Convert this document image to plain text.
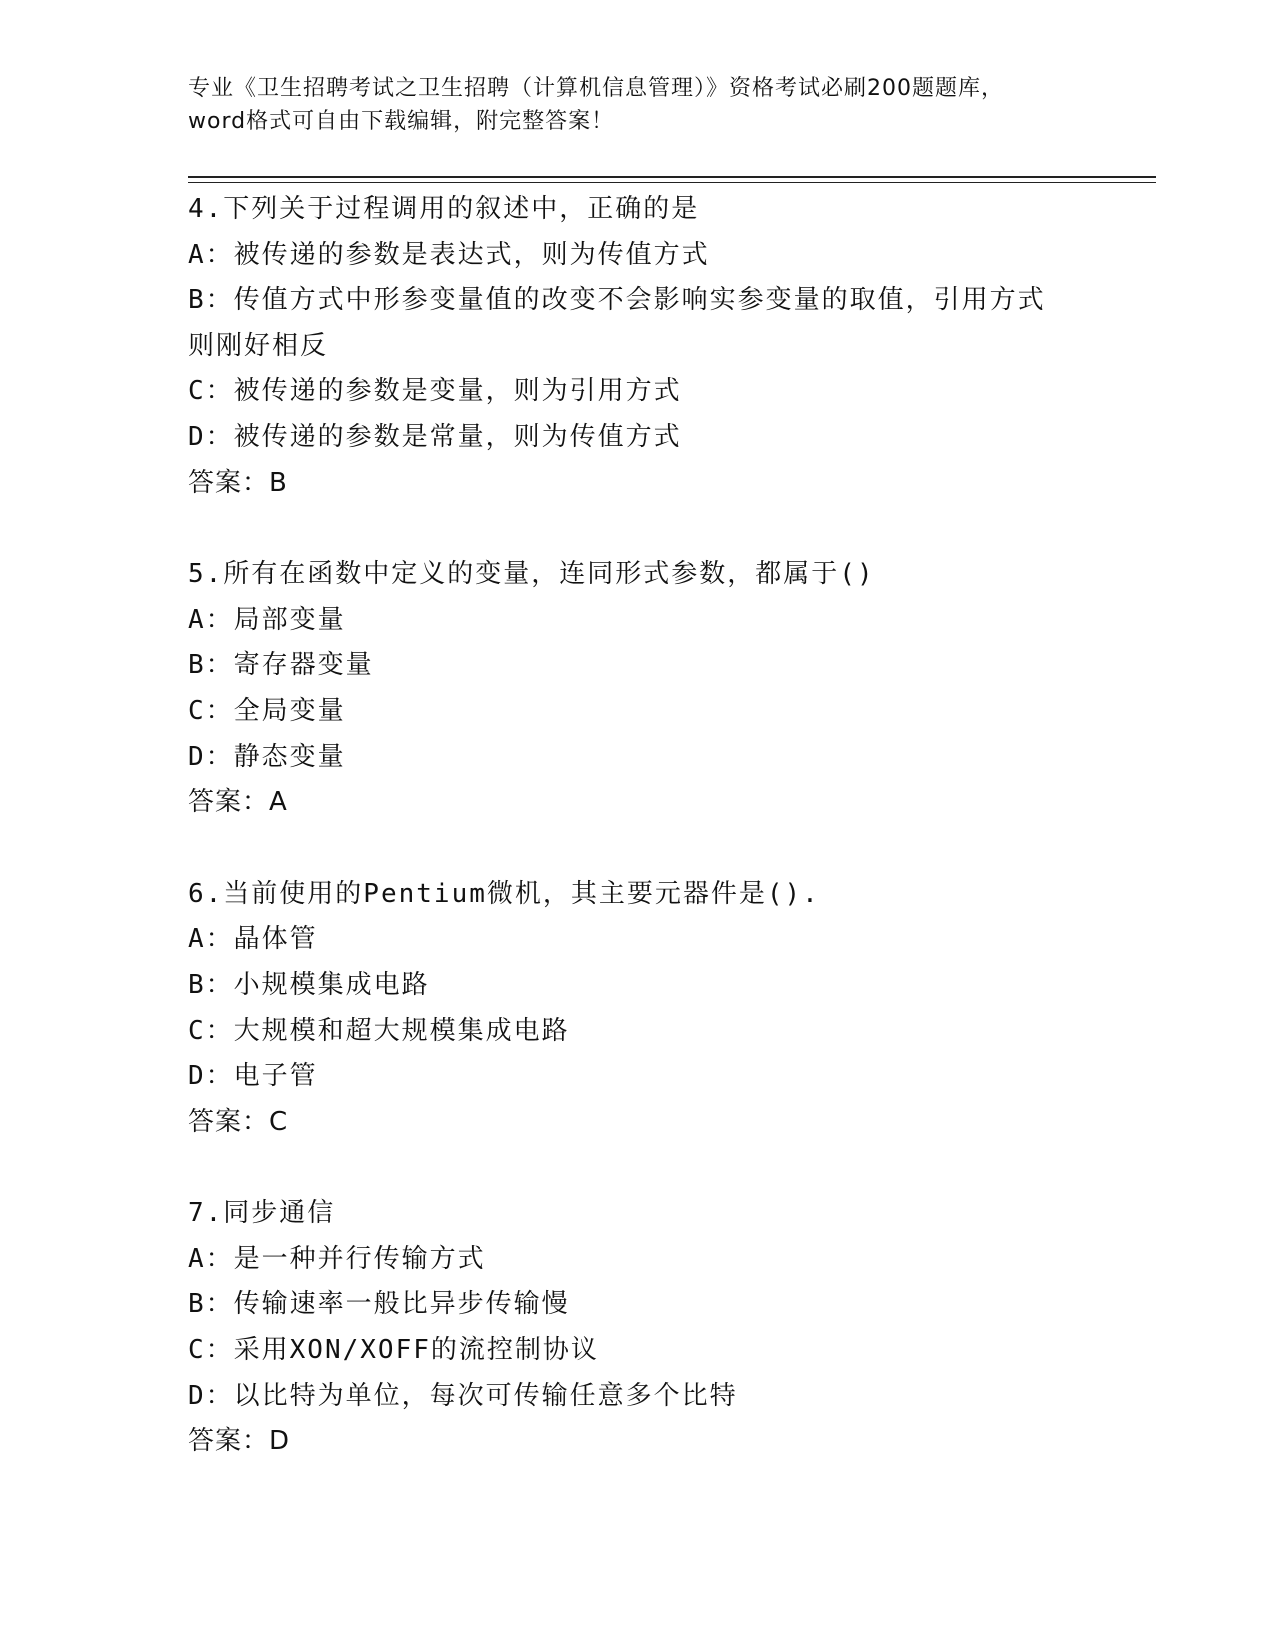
专业《卫生招聘考试之卫生招聘（计算机信息管理）》资格考试必刷200题题库，
word格式可自由下载编辑，附完整答案！
4.下列关于过程调用的叙述中，正确的是
A：被传递的参数是表达式，则为传值方式
B：传值方式中形参变量值的改变不会影响实参变量的取值，引用方式
则刚好相反
C：被传递的参数是变量，则为引用方式
D：被传递的参数是常量，则为传值方式
答案：B
5.所有在函数中定义的变量，连同形式参数，都属于()
A：局部变量
B：寄存器变量
C：全局变量
D：静态变量
答案：A
6.当前使用的Pentium微机，其主要元器件是().
A：晶体管
B：小规模集成电路
C：大规模和超大规模集成电路
D：电子管
答案：C
7.同步通信
A：是一种并行传输方式
B：传输速率一般比异步传输慢
C：采用XON/XOFF的流控制协议
D：以比特为单位，每次可传输任意多个比特
答案：D
